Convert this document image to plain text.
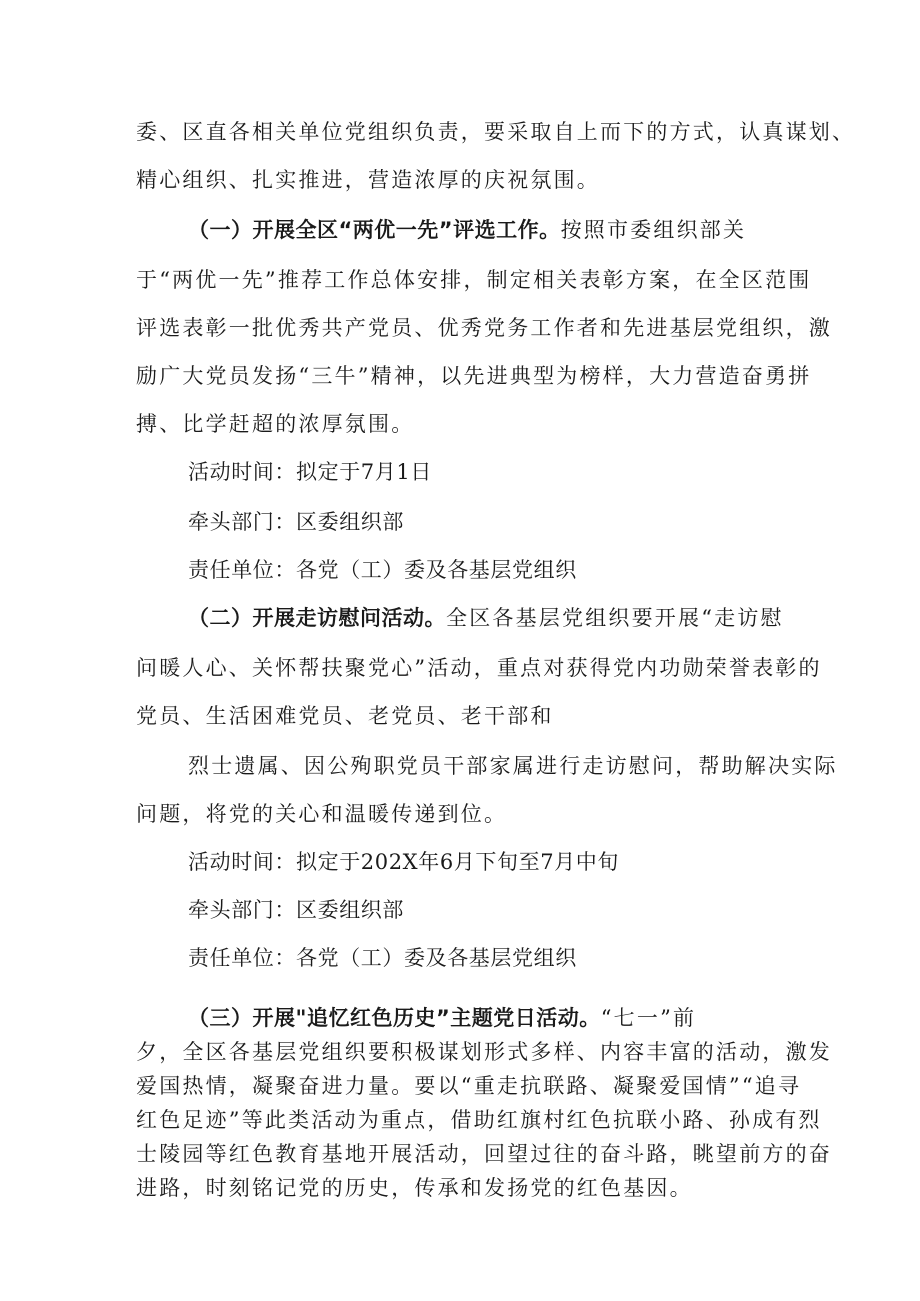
委、区直各相关单位党组织负责，要采取自上而下的方式，认真谋划、
精心组织、扎实推进，营造浓厚的庆祝氛围。
（一）开展全区“两优一先”评选工作。按照市委组织部关
于“两优一先”推荐工作总体安排，制定相关表彰方案，在全区范围
评选表彰一批优秀共产党员、优秀党务工作者和先进基层党组织，激
励广大党员发扬“三牛”精神，以先进典型为榜样，大力营造奋勇拼
搏、比学赶超的浓厚氛围。
活动时间：拟定于7月1日
牵头部门：区委组织部
责任单位：各党（工）委及各基层党组织
（二）开展走访慰问活动。全区各基层党组织要开展“走访慰
问暖人心、关怀帮扶聚党心”活动，重点对获得党内功勋荣誉表彰的
党员、生活困难党员、老党员、老干部和
烈士遗属、因公殉职党员干部家属进行走访慰问，帮助解决实际
问题，将党的关心和温暖传递到位。
活动时间：拟定于202X年6月下旬至7月中旬
牵头部门：区委组织部
责任单位：各党（工）委及各基层党组织
（三）开展"追忆红色历史”主题党日活动。“七一”前
夕，全区各基层党组织要积极谋划形式多样、内容丰富的活动，激发
爱国热情，凝聚奋进力量。要以“重走抗联路、凝聚爱国情”“追寻
红色足迹”等此类活动为重点，借助红旗村红色抗联小路、孙成有烈
士陵园等红色教育基地开展活动，回望过往的奋斗路，眺望前方的奋
进路，时刻铭记党的历史，传承和发扬党的红色基因。
